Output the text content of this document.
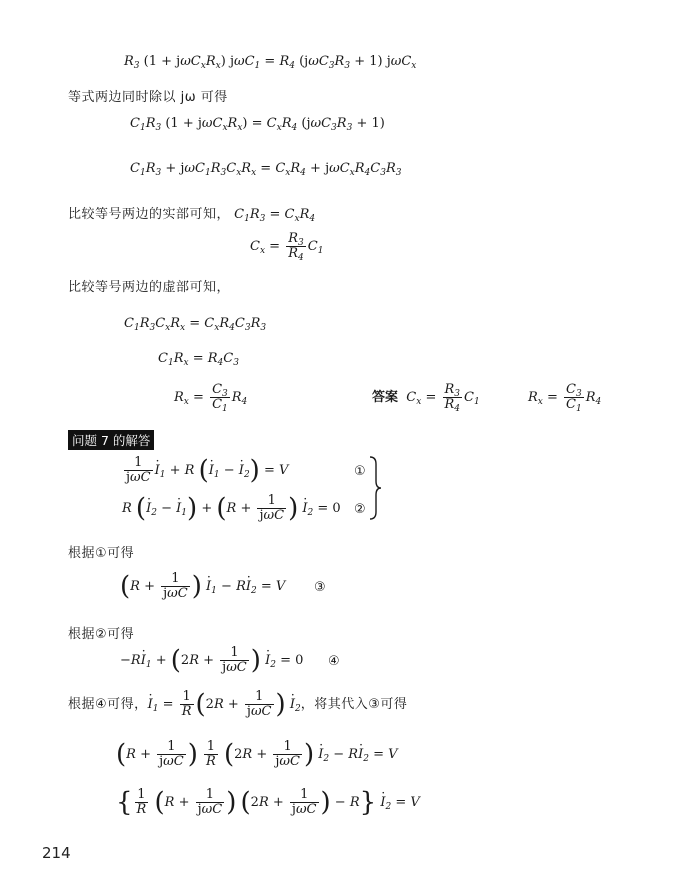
$R_3$ $(1 + j\omega C_xR_x)$ $j\omega C_1 = R_4$ $(j\omega C_3R_3 + 1)$ jωC$_x$
等式两边同时除以 jω 可得
$C_1R_3$ $(1 + j\omega C_xR_x) = C_xR_4$ $(j\omega C_3R_3 + 1)$
$C_1R_3 + j\omega C_1R_3C_xR_x = C_xR_4 + j\omega C_xR_4C_3R_3$
比较等号两边的实部可知， $C_1R_3 = C_xR_4$
$C_x = \frac{R_3}{R_4} C_1$
比较等号两边的虚部可知，
$C_1R_3C_xR_x = C_xR_4C_3R_3$
$C_1R_x = R_4C_3$
$R_x = \frac{C_3}{C_1} R_4$	答案  $C_x = \frac{R_3}{R_4} C_1$	$R_x = \frac{C_3}{C_1} R_4$
问题 7 的解答
$\frac{1}{\text{jωC}}$
· $I_1 + R$ (· $I_1$ − · $I_2) = V$	①
R (· $I_2$ − · $I_1) + (R + \frac{1}{\text{jωC}}$ ) · $I_2 = 0$ ②
根据①可得
($R + \frac{1}{\text{jωC}}$ ) · $I_1 - R\cdot I_2 = V$ ③
根据②可得
$-R\cdot I_1 + (2R + \frac{1}{\text{jωC}}$ ) · $I_2 = 0$ ④
根据④可得，· $I_1 = \frac{1}{R} (2R + \frac{1}{\text{jωC}}$ ) · $I_2$，将其代入③可得
($R + \frac{1}{\text{jωC}}$ ) $\frac{1}{R} (2R + \frac{1}{\text{jωC}}$ ) · $I_2 - R\cdot I_2 = V$
{ $\frac{1}{R} (R + \frac{1}{\text{jωC}}$ ) ($2R + \frac{1}{\text{jωC}}$ ) − $R\} \cdot I_2 = V$
214
